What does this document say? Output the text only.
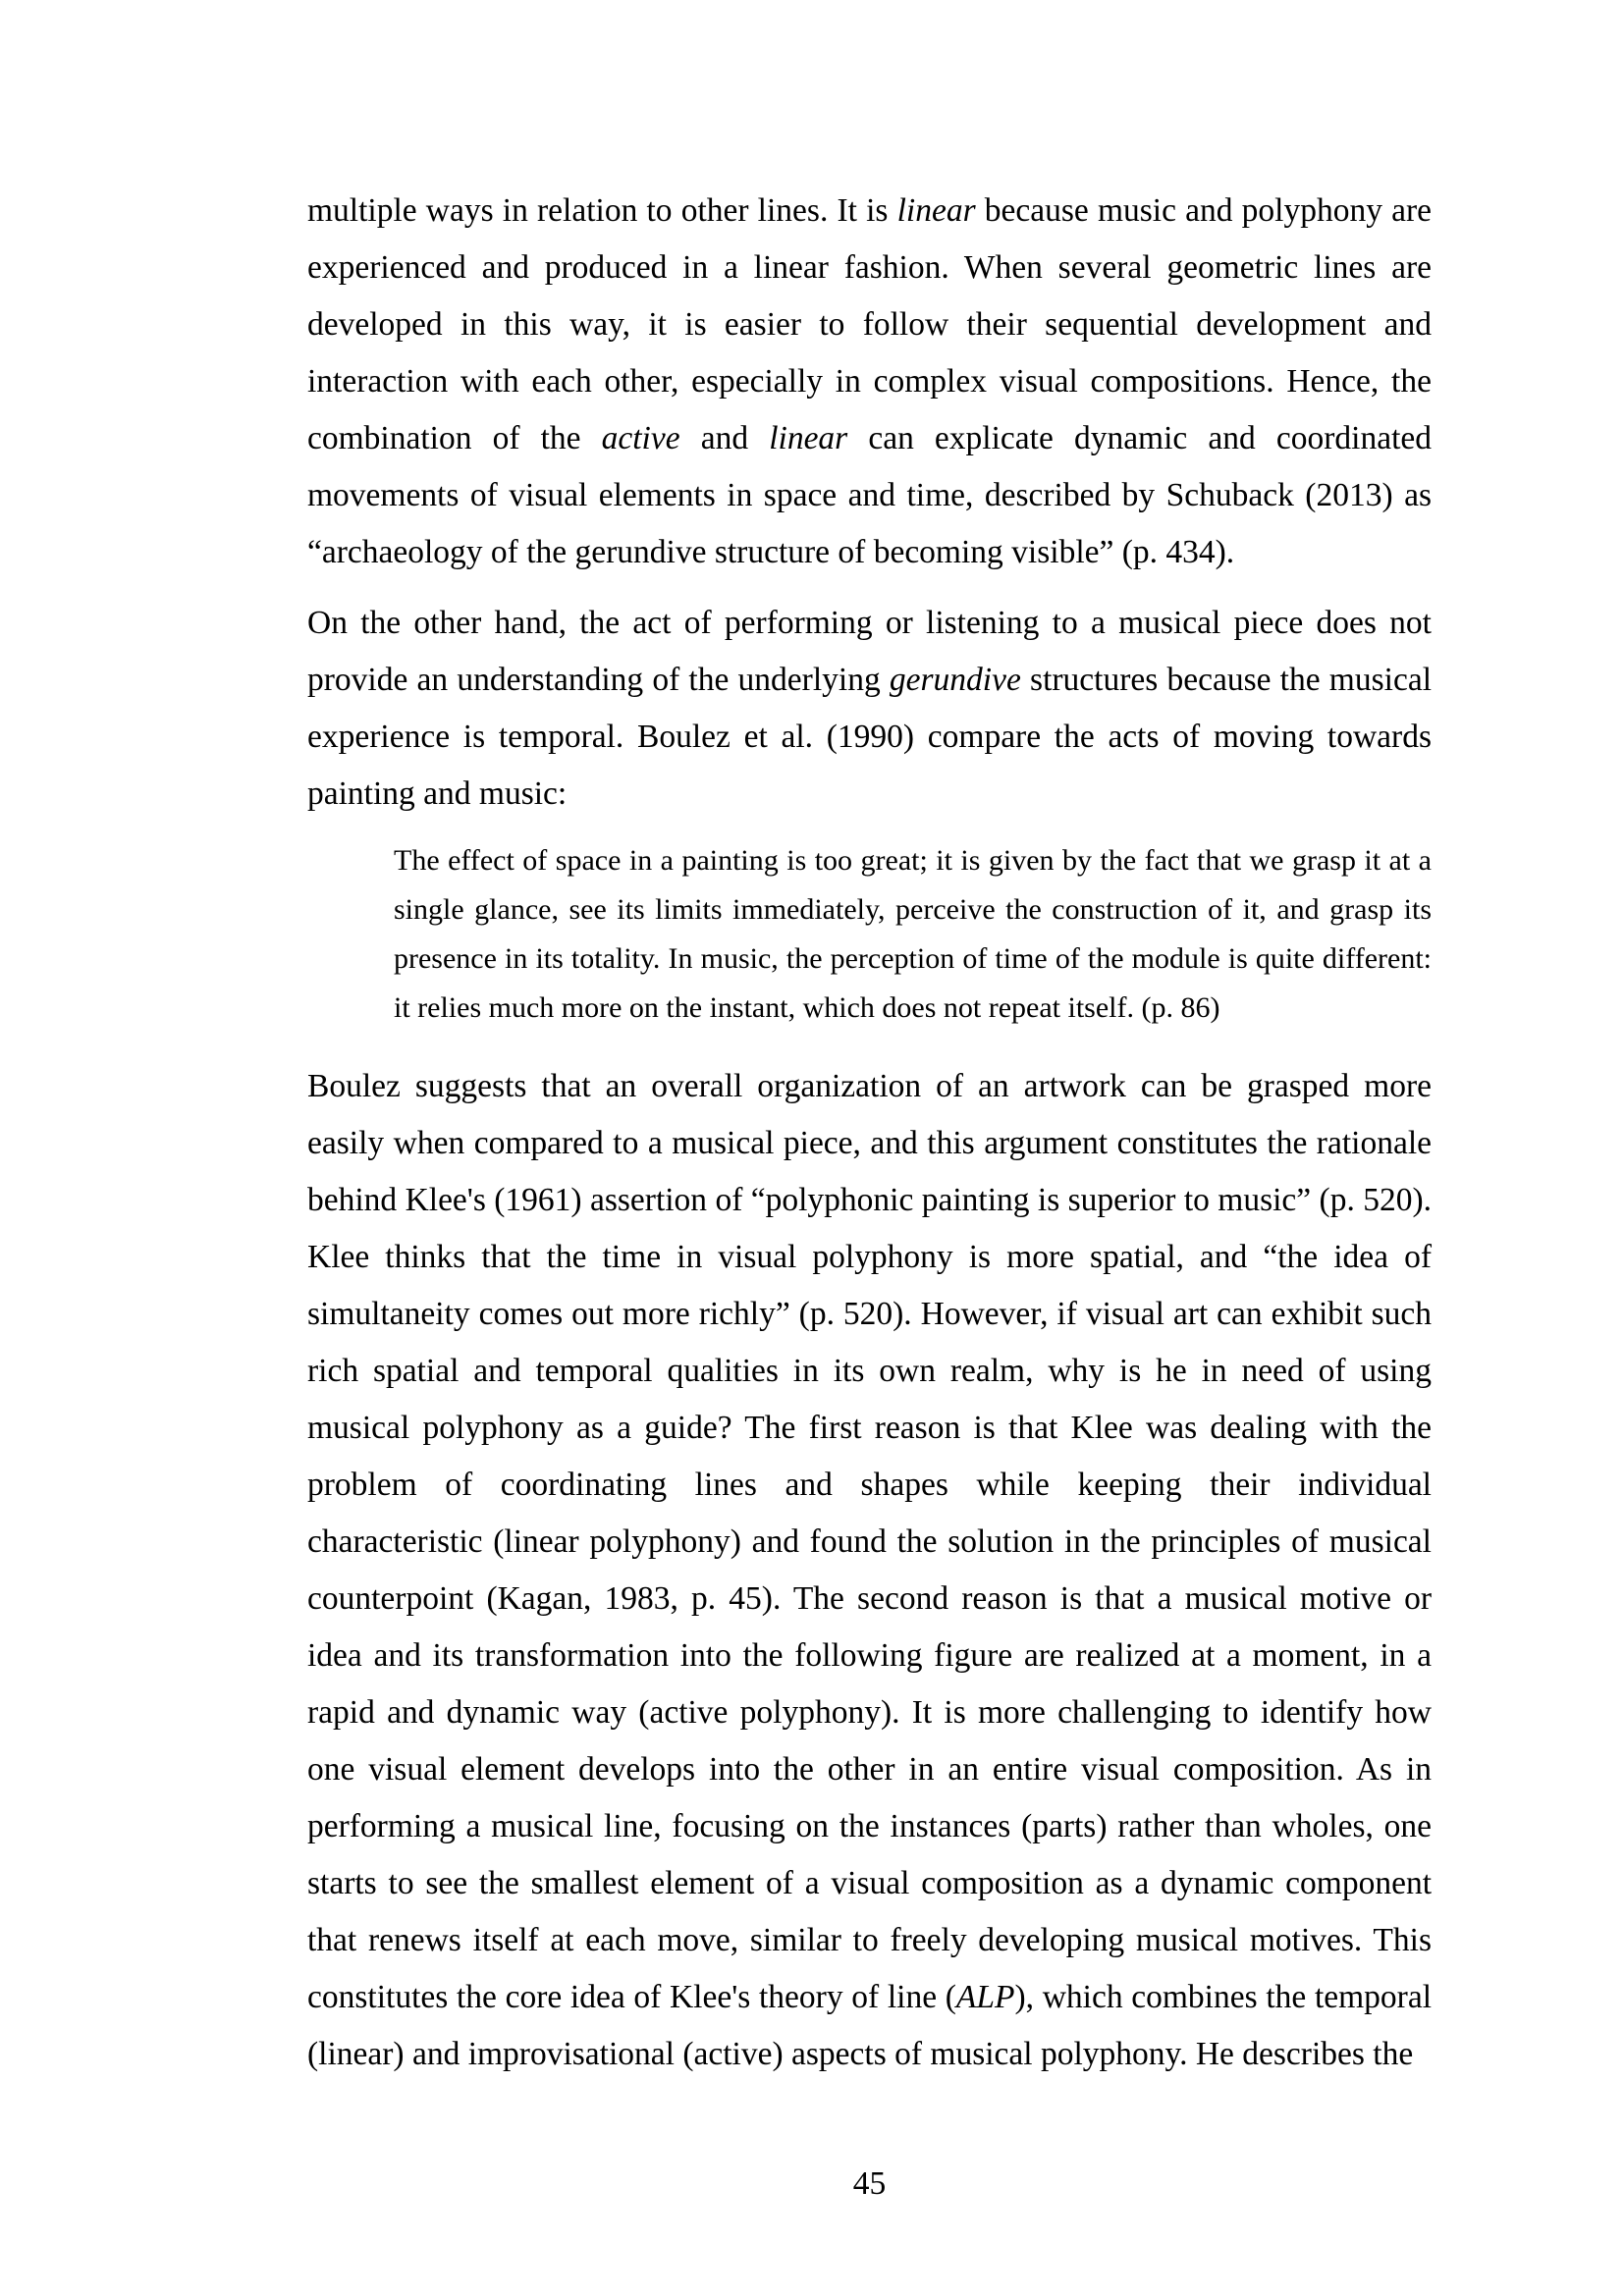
multiple ways in relation to other lines. It is linear because music and polyphony are experienced and produced in a linear fashion. When several geometric lines are developed in this way, it is easier to follow their sequential development and interaction with each other, especially in complex visual compositions. Hence, the combination of the active and linear can explicate dynamic and coordinated movements of visual elements in space and time, described by Schuback (2013) as “archaeology of the gerundive structure of becoming visible” (p. 434).

On the other hand, the act of performing or listening to a musical piece does not provide an understanding of the underlying gerundive structures because the musical experience is temporal. Boulez et al. (1990) compare the acts of moving towards painting and music:

The effect of space in a painting is too great; it is given by the fact that we grasp it at a single glance, see its limits immediately, perceive the construction of it, and grasp its presence in its totality. In music, the perception of time of the module is quite different: it relies much more on the instant, which does not repeat itself. (p. 86)

Boulez suggests that an overall organization of an artwork can be grasped more easily when compared to a musical piece, and this argument constitutes the rationale behind Klee's (1961) assertion of “polyphonic painting is superior to music” (p. 520). Klee thinks that the time in visual polyphony is more spatial, and “the idea of simultaneity comes out more richly” (p. 520). However, if visual art can exhibit such rich spatial and temporal qualities in its own realm, why is he in need of using musical polyphony as a guide? The first reason is that Klee was dealing with the problem of coordinating lines and shapes while keeping their individual characteristic (linear polyphony) and found the solution in the principles of musical counterpoint (Kagan, 1983, p. 45). The second reason is that a musical motive or idea and its transformation into the following figure are realized at a moment, in a rapid and dynamic way (active polyphony). It is more challenging to identify how one visual element develops into the other in an entire visual composition. As in performing a musical line, focusing on the instances (parts) rather than wholes, one starts to see the smallest element of a visual composition as a dynamic component that renews itself at each move, similar to freely developing musical motives. This constitutes the core idea of Klee's theory of line (ALP), which combines the temporal (linear) and improvisational (active) aspects of musical polyphony. He describes the

45
